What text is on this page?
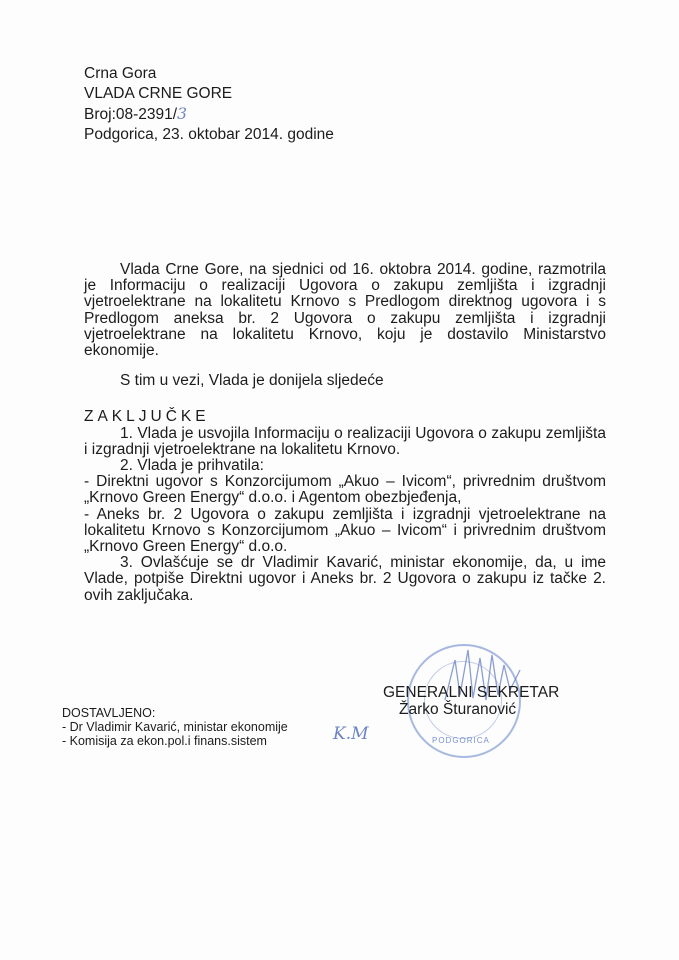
Crna Gora
VLADA CRNE GORE
Broj:08-2391/3
Podgorica, 23. oktobar 2014. godine

Vlada Crne Gore, na sjednici od 16. oktobra 2014. godine, razmotrila je Informaciju o realizaciji Ugovora o zakupu zemljišta i izgradnji vjetroelektrane na lokalitetu Krnovo s Predlogom direktnog ugovora i s Predlogom aneksa br. 2 Ugovora o zakupu zemljišta i izgradnji vjetroelektrane na lokalitetu Krnovo, koju je dostavilo Ministarstvo ekonomije.

S tim u vezi, Vlada je donijela sljedeće

ZAKLJUČKE

1. Vlada je usvojila Informaciju o realizaciji Ugovora o zakupu zemljišta i izgradnji vjetroelektrane na lokalitetu Krnovo.

2. Vlada je prihvatila:

- Direktni ugovor s Konzorcijumom „Akuo – Ivicom“, privrednim društvom „Krnovo Green Energy“ d.o.o. i Agentom obezbjeđenja,

- Aneks br. 2 Ugovora o zakupu zemljišta i izgradnji vjetroelektrane na lokalitetu Krnovo s Konzorcijumom „Akuo – Ivicom“ i privrednim društvom „Krnovo Green Energy“ d.o.o.

3. Ovlašćuje se dr Vladimir Kavarić, ministar ekonomije, da, u ime Vlade, potpiše Direktni ugovor i Aneks br. 2 Ugovora o zakupu iz tačke 2. ovih zaključaka.

PODGORICA
GENERALNI SEKRETAR
Žarko Šturanović
DOSTAVLJENO:
- Dr Vladimir Kavarić, ministar ekonomije
- Komisija za ekon.pol.i finans.sistem	K.M
